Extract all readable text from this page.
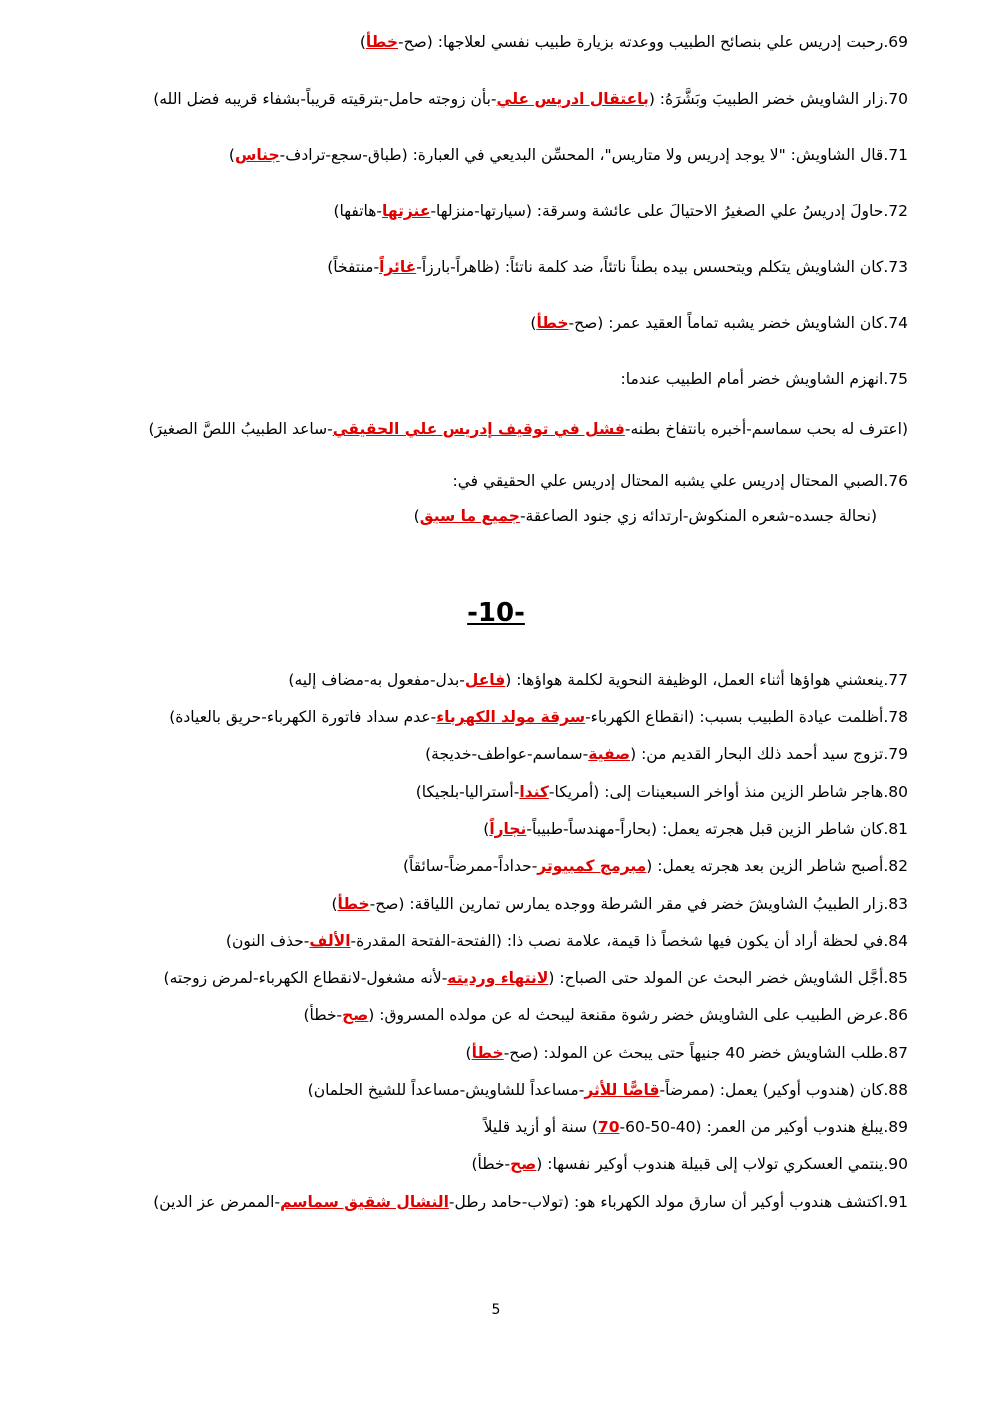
69.رحبت إدريس علي بنصائح الطبيب ووعدته بزيارة طبيب نفسي لعلاجها: (صح-خطأ)
70.زار الشاويش خضر الطبيبَ وبَشَّرَهُ: (باعتقال ادريس علي-بأن زوجته حامل-بترقيته قريباً-بشفاء قريبه فضل الله)
71.قال الشاويش: "لا يوجد إدريس ولا متاريس"، المحسِّن البديعي في العبارة: (طباق-سجع-ترادف-جناس)
72.حاولَ إدريسُ علي الصغيرُ الاحتيالَ على عائشة وسرقة: (سيارتها-منزلها-عنزتها-هاتفها)
73.كان الشاويش يتكلم ويتحسس بيده بطناً ناتئاً، ضد كلمة ناتئاً: (ظاهراً-بارزاً-غائراً-منتفخاً)
74.كان الشاويش خضر يشبه تماماً العقيد عمر: (صح-خطأ)
75.انهزم الشاويش خضر أمام الطبيب عندما:
(اعترف له بحب سماسم-أخبره بانتفاخ بطنه-فشل في توقيف إدريس علي الحقيقي-ساعد الطبيبُ اللصَّ الصغيرَ)
76.الصبي المحتال إدريس علي يشبه المحتال إدريس علي الحقيقي في:
(نحالة جسده-شعره المنكوش-ارتدائه زي جنود الصاعقة-جميع ما سبق)
-10-
77.ينعشني هواؤها أثناء العمل، الوظيفة النحوية لكلمة هواؤها: (فاعل-بدل-مفعول به-مضاف إليه)
78.أظلمت عيادة الطبيب بسبب: (انقطاع الكهرباء-سرقة مولد الكهرباء-عدم سداد فاتورة الكهرباء-حريق بالعيادة)
79.تزوج سيد أحمد ذلك البحار القديم من: (صفية-سماسم-عواطف-خديجة)
80.هاجر شاطر الزين منذ أواخر السبعينات إلى: (أمريكا-كندا-أستراليا-بلجيكا)
81.كان شاطر الزين قبل هجرته يعمل: (بحاراً-مهندساً-طبيباً-نجاراً)
82.أصبح شاطر الزين بعد هجرته يعمل: (مبرمج كمبيوتر-حداداً-ممرضاً-سائقاً)
83.زار الطبيبُ الشاويشَ خضر في مقر الشرطة ووجده يمارس تمارين اللياقة: (صح-خطأ)
84.في لحظة أراد أن يكون فيها شخصاً ذا قيمة، علامة نصب ذا: (الفتحة-الفتحة المقدرة-الألف-حذف النون)
85.أجَّل الشاويش خضر البحث عن المولد حتى الصباح: (لانتهاء ورديته-لأنه مشغول-لانقطاع الكهرباء-لمرض زوجته)
86.عرض الطبيب على الشاويش خضر رشوة مقنعة ليبحث له عن مولده المسروق: (صح-خطأ)
87.طلب الشاويش خضر 40 جنيهاً حتى يبحث عن المولد: (صح-خطأ)
88.كان (هندوب أوكير) يعمل: (ممرضاً-قاصًّا للأثر-مساعداً للشاويش-مساعداً للشيخ الحلمان)
89.يبلغ هندوب أوكير من العمر: (40-50-60-70) سنة أو أزيد قليلاً
90.ينتمي العسكري تولاب إلى قبيلة هندوب أوكير نفسها: (صح-خطأ)
91.اكتشف هندوب أوكير أن سارق مولد الكهرباء هو: (تولاب-حامد رطل-النشال شقيق سماسم-الممرض عز الدين)
5
